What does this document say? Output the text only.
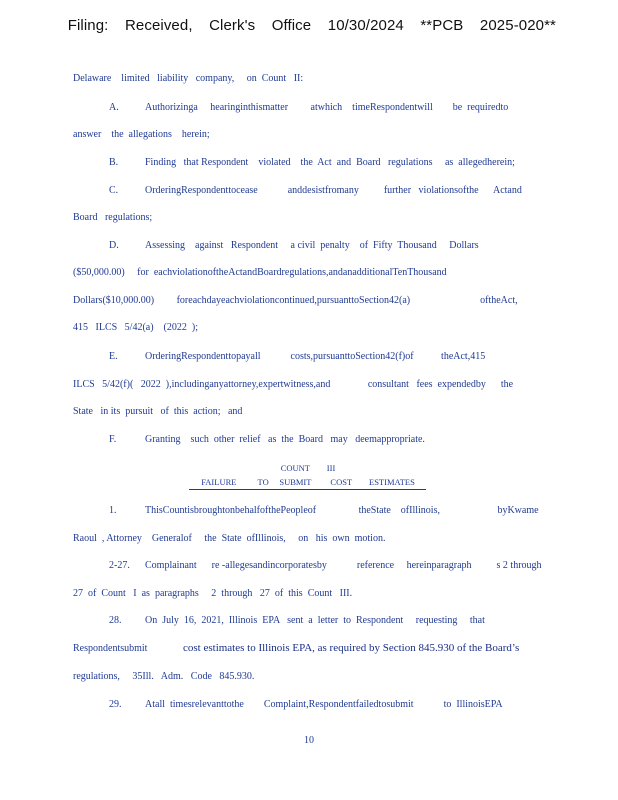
Filing:  Received,  Clerk's  Office  10/30/2024  **PCB  2025-020**
Delaware    limited   liability   company,     on  Count   II:
A.	Authorizinga     hearinginthismatter         atwhich    timeRespondentwill        be  requiredto
answer    the  allegations    herein;
B.	Finding   that Respondent    violated    the  Act  and  Board   regulations     as  allegedherein;
C.	OrderingRespondenttocease            anddesistfromany          further   violationsofthe      Actand
Board   regulations;
D.	Assessing    against   Respondent     a civil  penalty    of  Fifty  Thousand     Dollars
($50,000.00)     for  eachviolationoftheActandBoardregulations,andanadditionalTenThousand
Dollars($10,000.00)         foreachdayeachviolationcontinued,pursuanttoSection42(a)                            oftheAct,
415   ILCS   5/42(a)    (2022  );
E.	OrderingRespondenttopayall            costs,pursuanttoSection42(f)of           theAct,415
ILCS   5/42(f)(   2022  ),includinganyattorney,expertwitness,and               consultant   fees  expendedby      the
State   in its  pursuit   of  this  action;   and
F.	Granting    such  other  relief   as  the  Board   may   deemappropriate.
COUNT        III
FAILURE          TO     SUBMIT         COST        ESTIMATES
1.	ThisCountisbroughtonbehalfofthePeopleof                 theState    ofIllinois,                       byKwame
Raoul  , Attorney    Generalof     the  State  ofIllinois,     on   his  own  motion.
2-27. Complainant      re -allegesandincorporatesby            reference     hereinparagraph          s 2 through
27  of  Count   I  as  paragraphs     2  through   27  of  this  Count   III.
28. On  July  16,  2021,  Illinois  EPA   sent  a  letter  to  Respondent     requesting     that
Respondentsubmit	cost estimates to Illinois EPA, as required by Section 845.930 of the Board’s
regulations,     35Ill.   Adm.   Code   845.930.
29. Atall  timesrelevanttothe        Complaint,Respondentfailedtosubmit            to  IllinoisEPA
10
